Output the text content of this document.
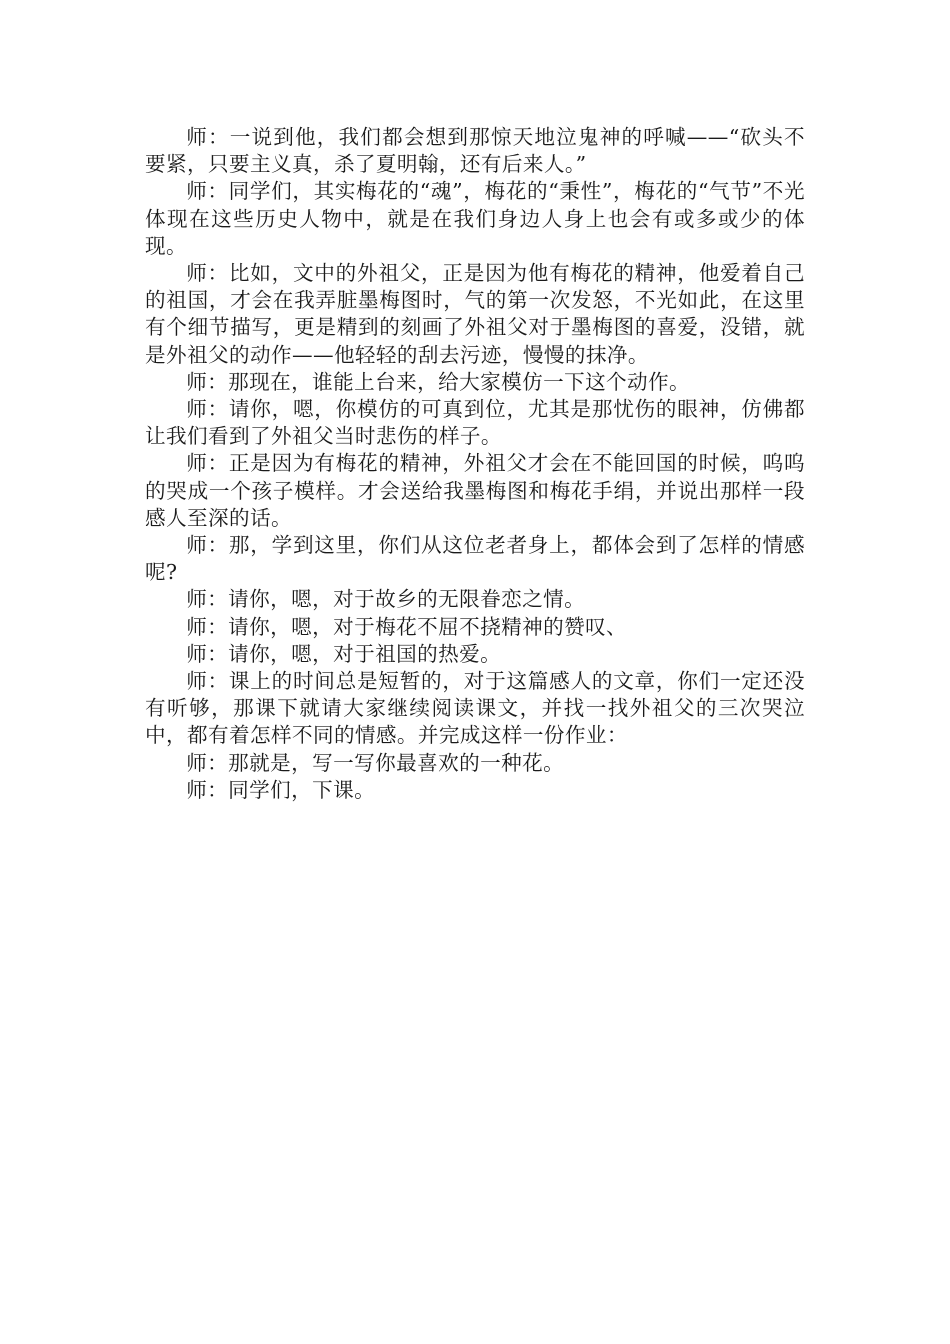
师：一说到他，我们都会想到那惊天地泣鬼神的呼喊——“砍头不要紧，只要主义真，杀了夏明翰，还有后来人。”

师：同学们，其实梅花的“魂”，梅花的“秉性”，梅花的“气节”不光体现在这些历史人物中，就是在我们身边人身上也会有或多或少的体现。

师：比如，文中的外祖父，正是因为他有梅花的精神，他爱着自己的祖国，才会在我弄脏墨梅图时，气的第一次发怒，不光如此，在这里有个细节描写，更是精到的刻画了外祖父对于墨梅图的喜爱，没错，就是外祖父的动作——他轻轻的刮去污迹，慢慢的抹净。

师：那现在，谁能上台来，给大家模仿一下这个动作。

师：请你，嗯，你模仿的可真到位，尤其是那忧伤的眼神，仿佛都让我们看到了外祖父当时悲伤的样子。

师：正是因为有梅花的精神，外祖父才会在不能回国的时候，呜呜的哭成一个孩子模样。才会送给我墨梅图和梅花手绢，并说出那样一段感人至深的话。

师：那，学到这里，你们从这位老者身上，都体会到了怎样的情感呢?

师：请你，嗯，对于故乡的无限眷恋之情。

师：请你，嗯，对于梅花不屈不挠精神的赞叹、

师：请你，嗯，对于祖国的热爱。

师：课上的时间总是短暂的，对于这篇感人的文章，你们一定还没有听够，那课下就请大家继续阅读课文，并找一找外祖父的三次哭泣中，都有着怎样不同的情感。并完成这样一份作业：

师：那就是，写一写你最喜欢的一种花。

师：同学们，下课。
